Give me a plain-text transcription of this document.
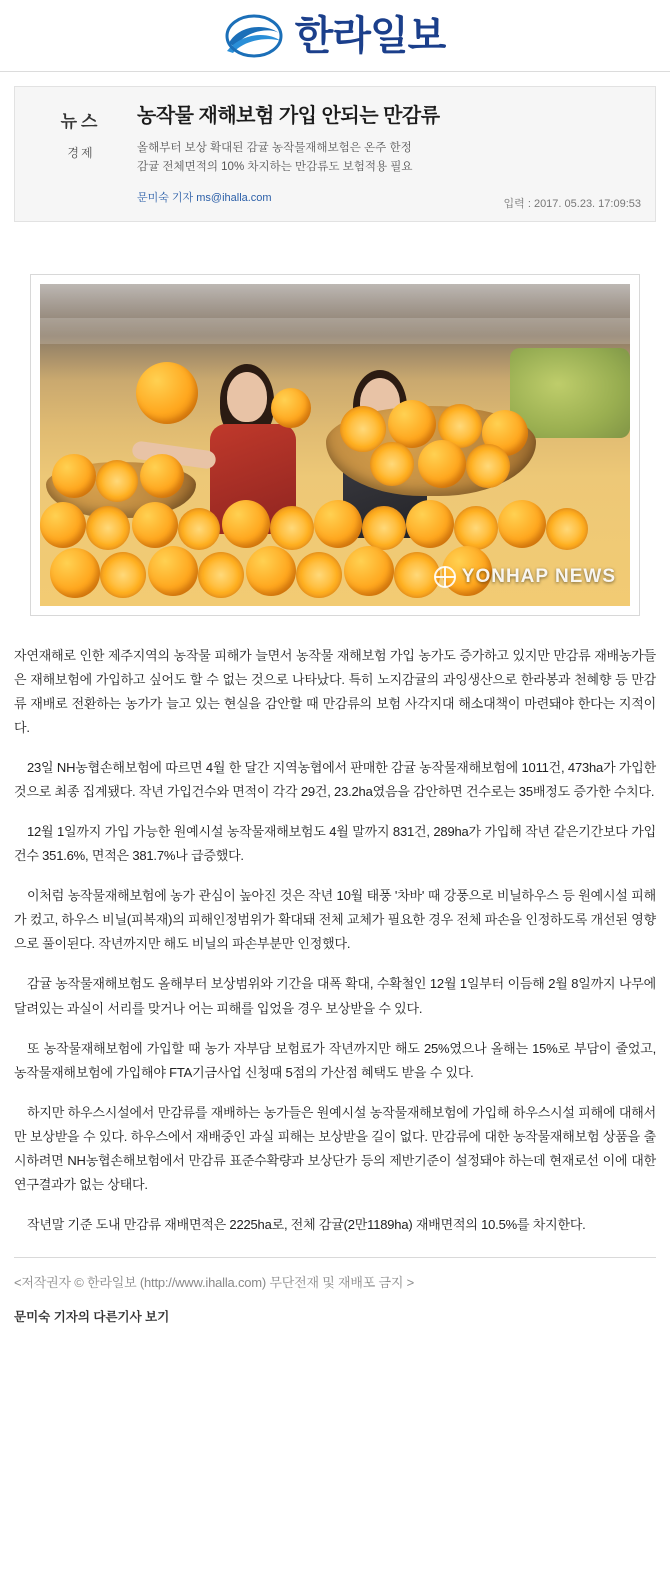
한라일보
뉴스
경제
농작물 재해보험 가입 안되는 만감류

올해부터 보상 확대된 감귤 농작물재해보험은 온주 한정

감귤 전체면적의 10% 차지하는 만감류도 보험적용 필요

문미숙 기자 ms@ihalla.com	입력 : 2017. 05.23. 17:09:53
YONHAP NEWS

자연재해로 인한 제주지역의 농작물 피해가 늘면서 농작물 재해보험 가입 농가도 증가하고 있지만 만감류 재배농가들은 재해보험에 가입하고 싶어도 할 수 없는 것으로 나타났다. 특히 노지감귤의 과잉생산으로 한라봉과 천혜향 등 만감류 재배로 전환하는 농가가 늘고 있는 현실을 감안할 때 만감류의 보험 사각지대 해소대책이 마련돼야 한다는 지적이다.

23일 NH농협손해보험에 따르면 4월 한 달간 지역농협에서 판매한 감귤 농작물재해보험에 1011건, 473ha가 가입한 것으로 최종 집계됐다. 작년 가입건수와 면적이 각각 29건, 23.2ha였음을 감안하면 건수로는 35배정도 증가한 수치다.

12월 1일까지 가입 가능한 원예시설 농작물재해보험도 4월 말까지 831건, 289ha가 가입해 작년 같은기간보다 가입건수 351.6%, 면적은 381.7%나 급증했다.

이처럼 농작물재해보험에 농가 관심이 높아진 것은 작년 10월 태풍 '차바' 때 강풍으로 비닐하우스 등 원예시설 피해가 컸고, 하우스 비닐(피복재)의 피해인정범위가 확대돼 전체 교체가 필요한 경우 전체 파손을 인정하도록 개선된 영향으로 풀이된다. 작년까지만 해도 비닐의 파손부분만 인정했다.

감귤 농작물재해보험도 올해부터 보상범위와 기간을 대폭 확대, 수확철인 12월 1일부터 이듬해 2월 8일까지 나무에 달려있는 과실이 서리를 맞거나 어는 피해를 입었을 경우 보상받을 수 있다.

또 농작물재해보험에 가입할 때 농가 자부담 보험료가 작년까지만 해도 25%였으나 올해는 15%로 부담이 줄었고, 농작물재해보험에 가입해야 FTA기금사업 신청때 5점의 가산점 혜택도 받을 수 있다.

하지만 하우스시설에서 만감류를 재배하는 농가들은 원예시설 농작물재해보험에 가입해 하우스시설 피해에 대해서만 보상받을 수 있다. 하우스에서 재배중인 과실 피해는 보상받을 길이 없다. 만감류에 대한 농작물재해보험 상품을 출시하려면 NH농협손해보험에서 만감류 표준수확량과 보상단가 등의 제반기준이 설정돼야 하는데 현재로선 이에 대한 연구결과가 없는 상태다.

작년말 기준 도내 만감류 재배면적은 2225ha로, 전체 감귤(2만1189ha) 재배면적의 10.5%를 차지한다.

<저작권자 © 한라일보 (http://www.ihalla.com) 무단전재 및 재배포 금지 >
문미숙 기자의 다른기사 보기
